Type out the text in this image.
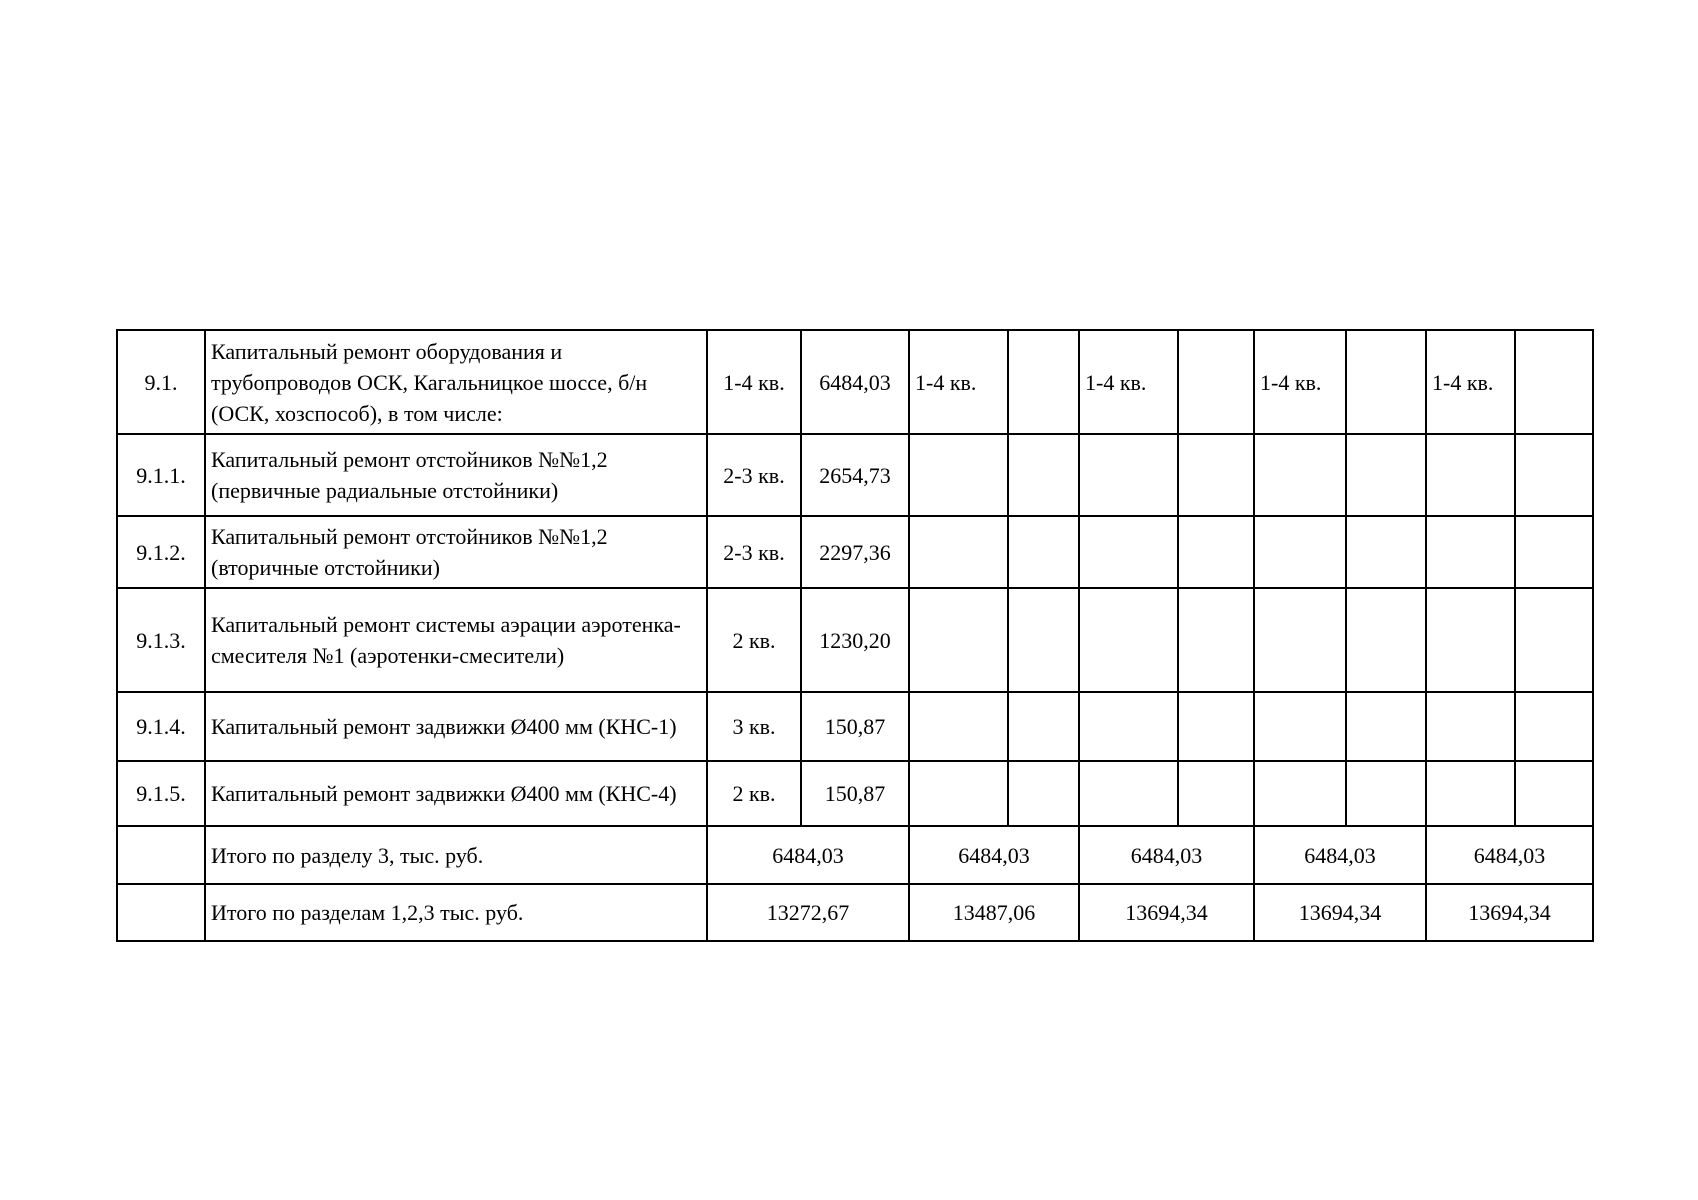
9.1.	Капитальный ремонт оборудования и трубопроводов ОСК, Кагальницкое шоссе, б/н (ОСК, хозспособ), в том числе:	1-4 кв.	6484,03	1-4 кв.		1-4 кв.		1-4 кв.		1-4 кв.	
9.1.1.	Капитальный ремонт отстойников №№1,2 (первичные радиальные отстойники)	2-3 кв.	2654,73								
9.1.2.	Капитальный ремонт отстойников №№1,2 (вторичные отстойники)	2-3 кв.	2297,36								
9.1.3.	Капитальный ремонт системы аэрации аэротенка-смесителя №1 (аэротенки-смесители)	2 кв.	1230,20								
9.1.4.	Капитальный ремонт задвижки Ø400 мм (КНС-1)	3 кв.	150,87								
9.1.5.	Капитальный ремонт задвижки Ø400 мм (КНС-4)	2 кв.	150,87								
	Итого по разделу 3, тыс. руб.	6484,03		6484,03		6484,03		6484,03		6484,03	
	Итого по разделам 1,2,3 тыс. руб.	13272,67		13487,06		13694,34		13694,34		13694,34	
